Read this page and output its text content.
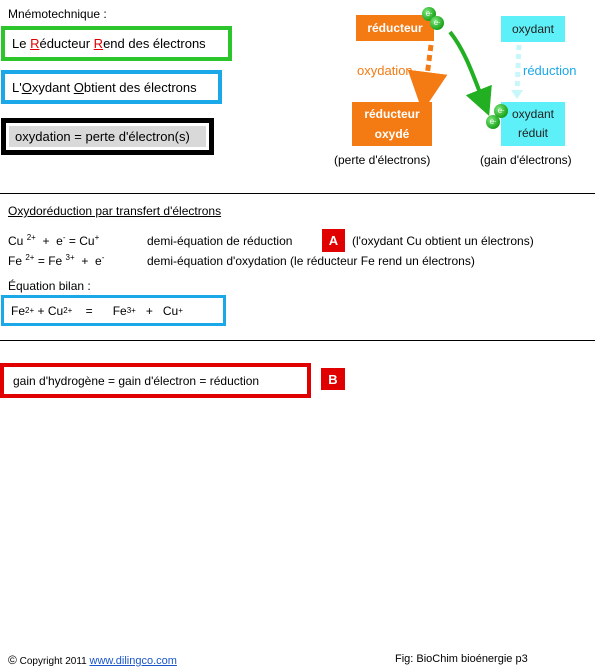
Mnémotechnique :
Le Réducteur Rend des électrons
L'Oxydant Obtient des électrons
oxydation = perte d'électron(s)
réducteur
e -
e -
oxydation
réducteur oxydé
(perte d'électrons)
oxydant
réduction
oxydant réduit
e -
e -
(gain d'électrons)
Oxydoréduction par transfert d'électrons
Cu $^{2+}$ + e- = Cu+	demi-équation de réduction	A	(l'oxydant Cu obtient un électrons)
Fe $^{2+}$ = Fe $^{3+}$ + e-	demi-équation d'oxydation (le réducteur Fe rend un électrons)
Équation bilan :
Fe 2+
+
Cu 2+
=
Fe 3+
+
Cu +
gain d'hydrogène = gain d'électron = réduction	B
© Copyright 2011 www.dilingco.com	Fig: BioChim bioénergie p3
